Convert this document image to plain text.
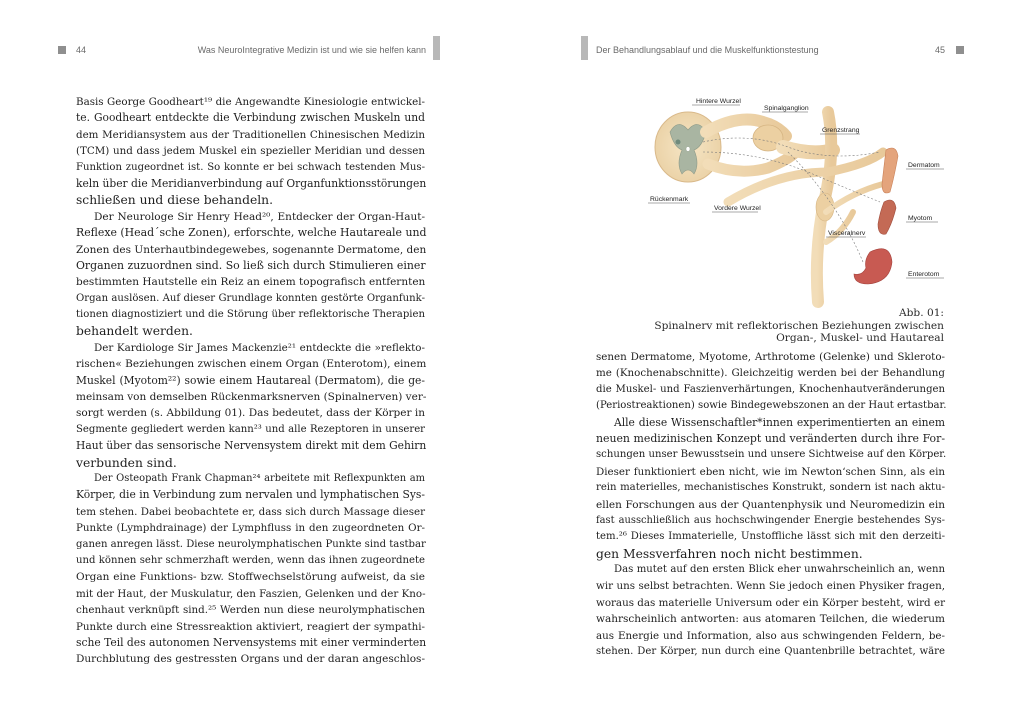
44	Was NeuroIntegrative Medizin ist und wie sie helfen kann
Basis George Goodheart¹⁹ die Angewandte Kinesiologie entwickel-
te. Goodheart entdeckte die Verbindung zwischen Muskeln und
dem Meridiansystem aus der Traditionellen Chinesischen Medizin
(TCM) und dass jedem Muskel ein spezieller Meridian und dessen
Funktion zugeordnet ist. So konnte er bei schwach testenden Mus-
keln über die Meridianverbindung auf Organfunktionsstörungen
schließen und diese behandeln.
Der Neurologe Sir Henry Head²⁰, Entdecker der Organ-Haut-
Reflexe (Head´sche Zonen), erforschte, welche Hautareale und
Zonen des Unterhautbindegewebes, sogenannte Dermatome, den
Organen zuzuordnen sind. So ließ sich durch Stimulieren einer
bestimmten Hautstelle ein Reiz an einem topografisch entfernten
Organ auslösen. Auf dieser Grundlage konnten gestörte Organfunk-
tionen diagnostiziert und die Störung über reflektorische Therapien
behandelt werden.
Der Kardiologe Sir James Mackenzie²¹ entdeckte die »reflekto-
rischen« Beziehungen zwischen einem Organ (Enterotom), einem
Muskel (Myotom²²) sowie einem Hautareal (Dermatom), die ge-
meinsam von demselben Rückenmarksnerven (Spinalnerven) ver-
sorgt werden (s. Abbildung 01). Das bedeutet, dass der Körper in
Segmente gegliedert werden kann²³ und alle Rezeptoren in unserer
Haut über das sensorische Nervensystem direkt mit dem Gehirn
verbunden sind.
Der Osteopath Frank Chapman²⁴ arbeitete mit Reflexpunkten am
Körper, die in Verbindung zum nervalen und lymphatischen Sys-
tem stehen. Dabei beobachtete er, dass sich durch Massage dieser
Punkte (Lymphdrainage) der Lymphfluss in den zugeordneten Or-
ganen anregen lässt. Diese neurolymphatischen Punkte sind tastbar
und können sehr schmerzhaft werden, wenn das ihnen zugeordnete
Organ eine Funktions- bzw. Stoffwechselstörung aufweist, da sie
mit der Haut, der Muskulatur, den Faszien, Gelenken und der Kno-
chenhaut verknüpft sind.²⁵ Werden nun diese neurolymphatischen
Punkte durch eine Stressreaktion aktiviert, reagiert der sympathi-
sche Teil des autonomen Nervensystems mit einer verminderten
Durchblutung des gestressten Organs und der daran angeschlos-
Der Behandlungsablauf und die Muskelfunktionstestung	45
Hintere Wurzel
Spinalganglion
Grenzstrang
Rückenmark
Vordere Wurzel
Visceralnerv
Dermatom
Myotom
Enterotom
Abb. 01:
Spinalnerv mit reflektorischen Beziehungen zwischen
Organ-, Muskel- und Hautareal
senen Dermatome, Myotome, Arthrotome (Gelenke) und Skleroto-
me (Knochenabschnitte). Gleichzeitig werden bei der Behandlung
die Muskel- und Faszienverhärtungen, Knochenhautveränderungen
(Periostreaktionen) sowie Bindegewebszonen an der Haut ertastbar.
Alle diese Wissenschaftler*innen experimentierten an einem
neuen medizinischen Konzept und veränderten durch ihre For-
schungen unser Bewusstsein und unsere Sichtweise auf den Körper.
Dieser funktioniert eben nicht, wie im Newton‘schen Sinn, als ein
rein materielles, mechanistisches Konstrukt, sondern ist nach aktu-
ellen Forschungen aus der Quantenphysik und Neuromedizin ein
fast ausschließlich aus hochschwingender Energie bestehendes Sys-
tem.²⁶ Dieses Immaterielle, Unstoffliche lässt sich mit den derzeiti-
gen Messverfahren noch nicht bestimmen.
Das mutet auf den ersten Blick eher unwahrscheinlich an, wenn
wir uns selbst betrachten. Wenn Sie jedoch einen Physiker fragen,
woraus das materielle Universum oder ein Körper besteht, wird er
wahrscheinlich antworten: aus atomaren Teilchen, die wiederum
aus Energie und Information, also aus schwingenden Feldern, be-
stehen. Der Körper, nun durch eine Quantenbrille betrachtet, wäre
